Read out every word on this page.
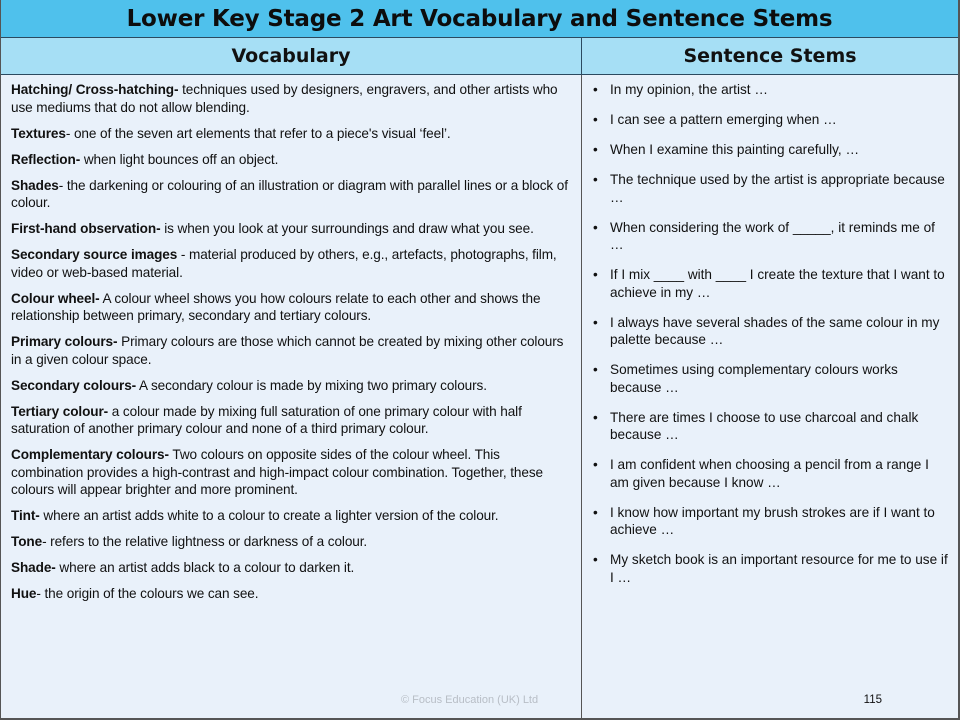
Lower Key Stage 2 Art Vocabulary and Sentence Stems
Vocabulary	Sentence Stems

Hatching/ Cross-hatching- techniques used by designers, engravers, and other artists who use mediums that do not allow blending.

Textures- one of the seven art elements that refer to a piece's visual ‘feel’.

Reflection- when light bounces off an object.

Shades- the darkening or colouring of an illustration or diagram with parallel lines or a block of colour.

First-hand observation- is when you look at your surroundings and draw what you see.

Secondary source images - material produced by others, e.g., artefacts, photographs, film, video or web-based material.

Colour wheel- A colour wheel shows you how colours relate to each other and shows the relationship between primary, secondary and tertiary colours.

Primary colours- Primary colours are those which cannot be created by mixing other colours in a given colour space.

Secondary colours- A secondary colour is made by mixing two primary colours.

Tertiary colour- a colour made by mixing full saturation of one primary colour with half saturation of another primary colour and none of a third primary colour.

Complementary colours- Two colours on opposite sides of the colour wheel. This combination provides a high-contrast and high-impact colour combination. Together, these colours will appear brighter and more prominent.

Tint- where an artist adds white to a colour to create a lighter version of the colour.

Tone- refers to the relative lightness or darkness of a colour.

Shade- where an artist adds black to a colour to darken it.

Hue- the origin of the colours we can see.

© Focus Education (UK) Ltd
• In my opinion, the artist …
• I can see a pattern emerging when …
• When I examine this painting carefully, …
• The technique used by the artist is appropriate because …
• When considering the work of _____, it reminds me of …
• If I mix ____ with ____ I create the texture that I want to achieve in my …
• I always have several shades of the same colour in my palette because …
• Sometimes using complementary colours works because …
• There are times I choose to use charcoal and chalk because …
• I am confident when choosing a pencil from a range I am given because I know …
• I know how important my brush strokes are if I want to achieve …
• My sketch book is an important resource for me to use if I …
115
